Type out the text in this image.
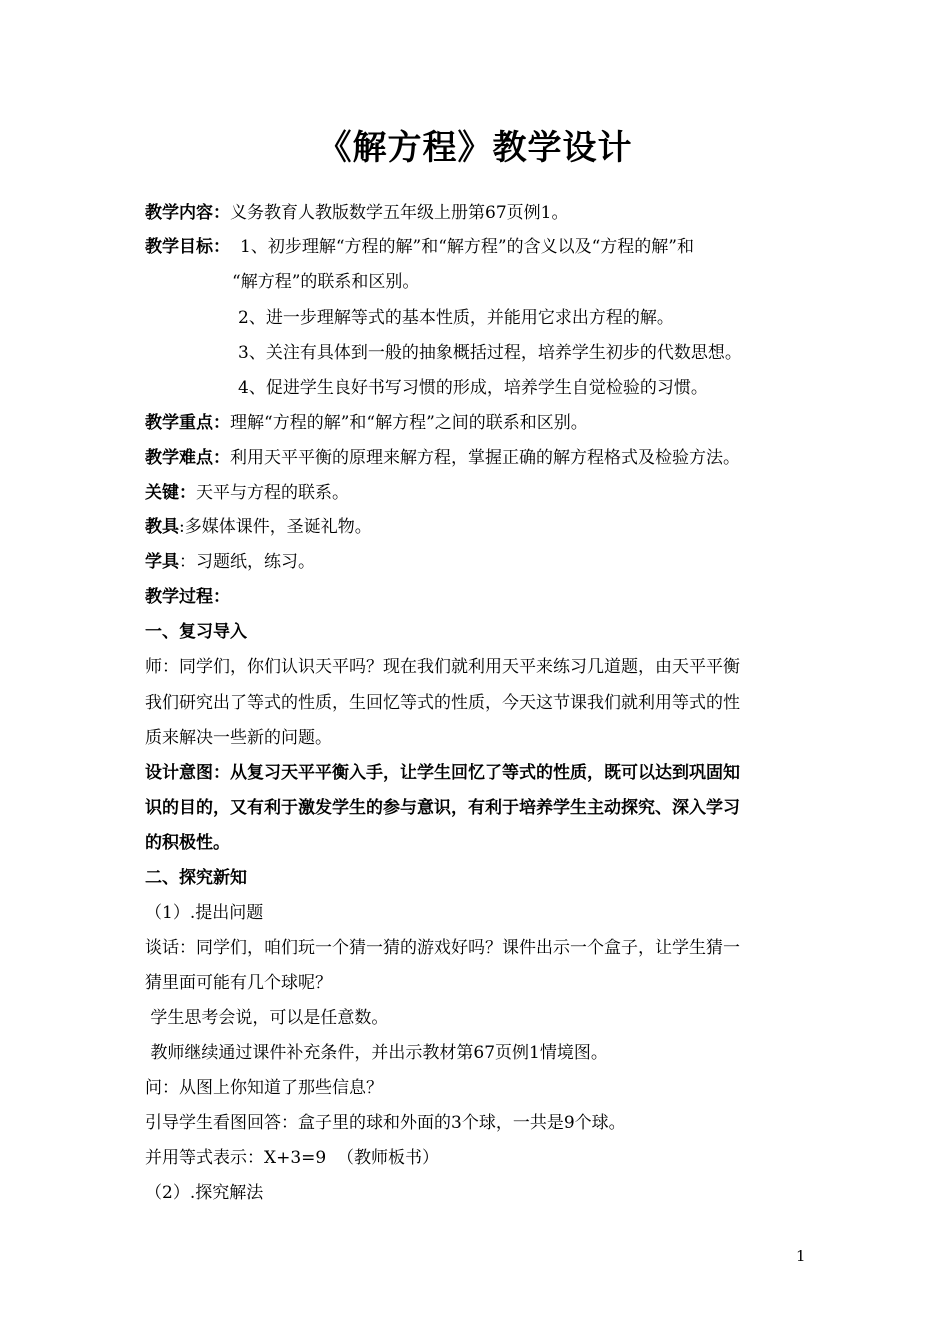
《解方程》教学设计
教学内容：义务教育人教版数学五年级上册第67页例1。
教学目标： 1、初步理解“方程的解”和“解方程”的含义以及“方程的解”和
“解方程”的联系和区别。
2、进一步理解等式的基本性质，并能用它求出方程的解。
3、关注有具体到一般的抽象概括过程，培养学生初步的代数思想。
4、促进学生良好书写习惯的形成，培养学生自觉检验的习惯。
教学重点：理解“方程的解”和“解方程”之间的联系和区别。
教学难点：利用天平平衡的原理来解方程，掌握正确的解方程格式及检验方法。
关键：天平与方程的联系。
教具:多媒体课件，圣诞礼物。
学具：习题纸，练习。
教学过程：
一、复习导入
师：同学们，你们认识天平吗？现在我们就利用天平来练习几道题，由天平平衡
我们研究出了等式的性质，生回忆等式的性质，今天这节课我们就利用等式的性
质来解决一些新的问题。
设计意图：从复习天平平衡入手，让学生回忆了等式的性质，既可以达到巩固知
识的目的，又有利于激发学生的参与意识，有利于培养学生主动探究、深入学习
的积极性。
二、探究新知
（1）.提出问题
谈话：同学们，咱们玩一个猜一猜的游戏好吗？课件出示一个盒子，让学生猜一
猜里面可能有几个球呢？
学生思考会说，可以是任意数。
教师继续通过课件补充条件，并出示教材第67页例1情境图。
问：从图上你知道了那些信息？
引导学生看图回答：盒子里的球和外面的3个球，一共是9个球。
并用等式表示：X+3=9  （教师板书）
（2）.探究解法
1
